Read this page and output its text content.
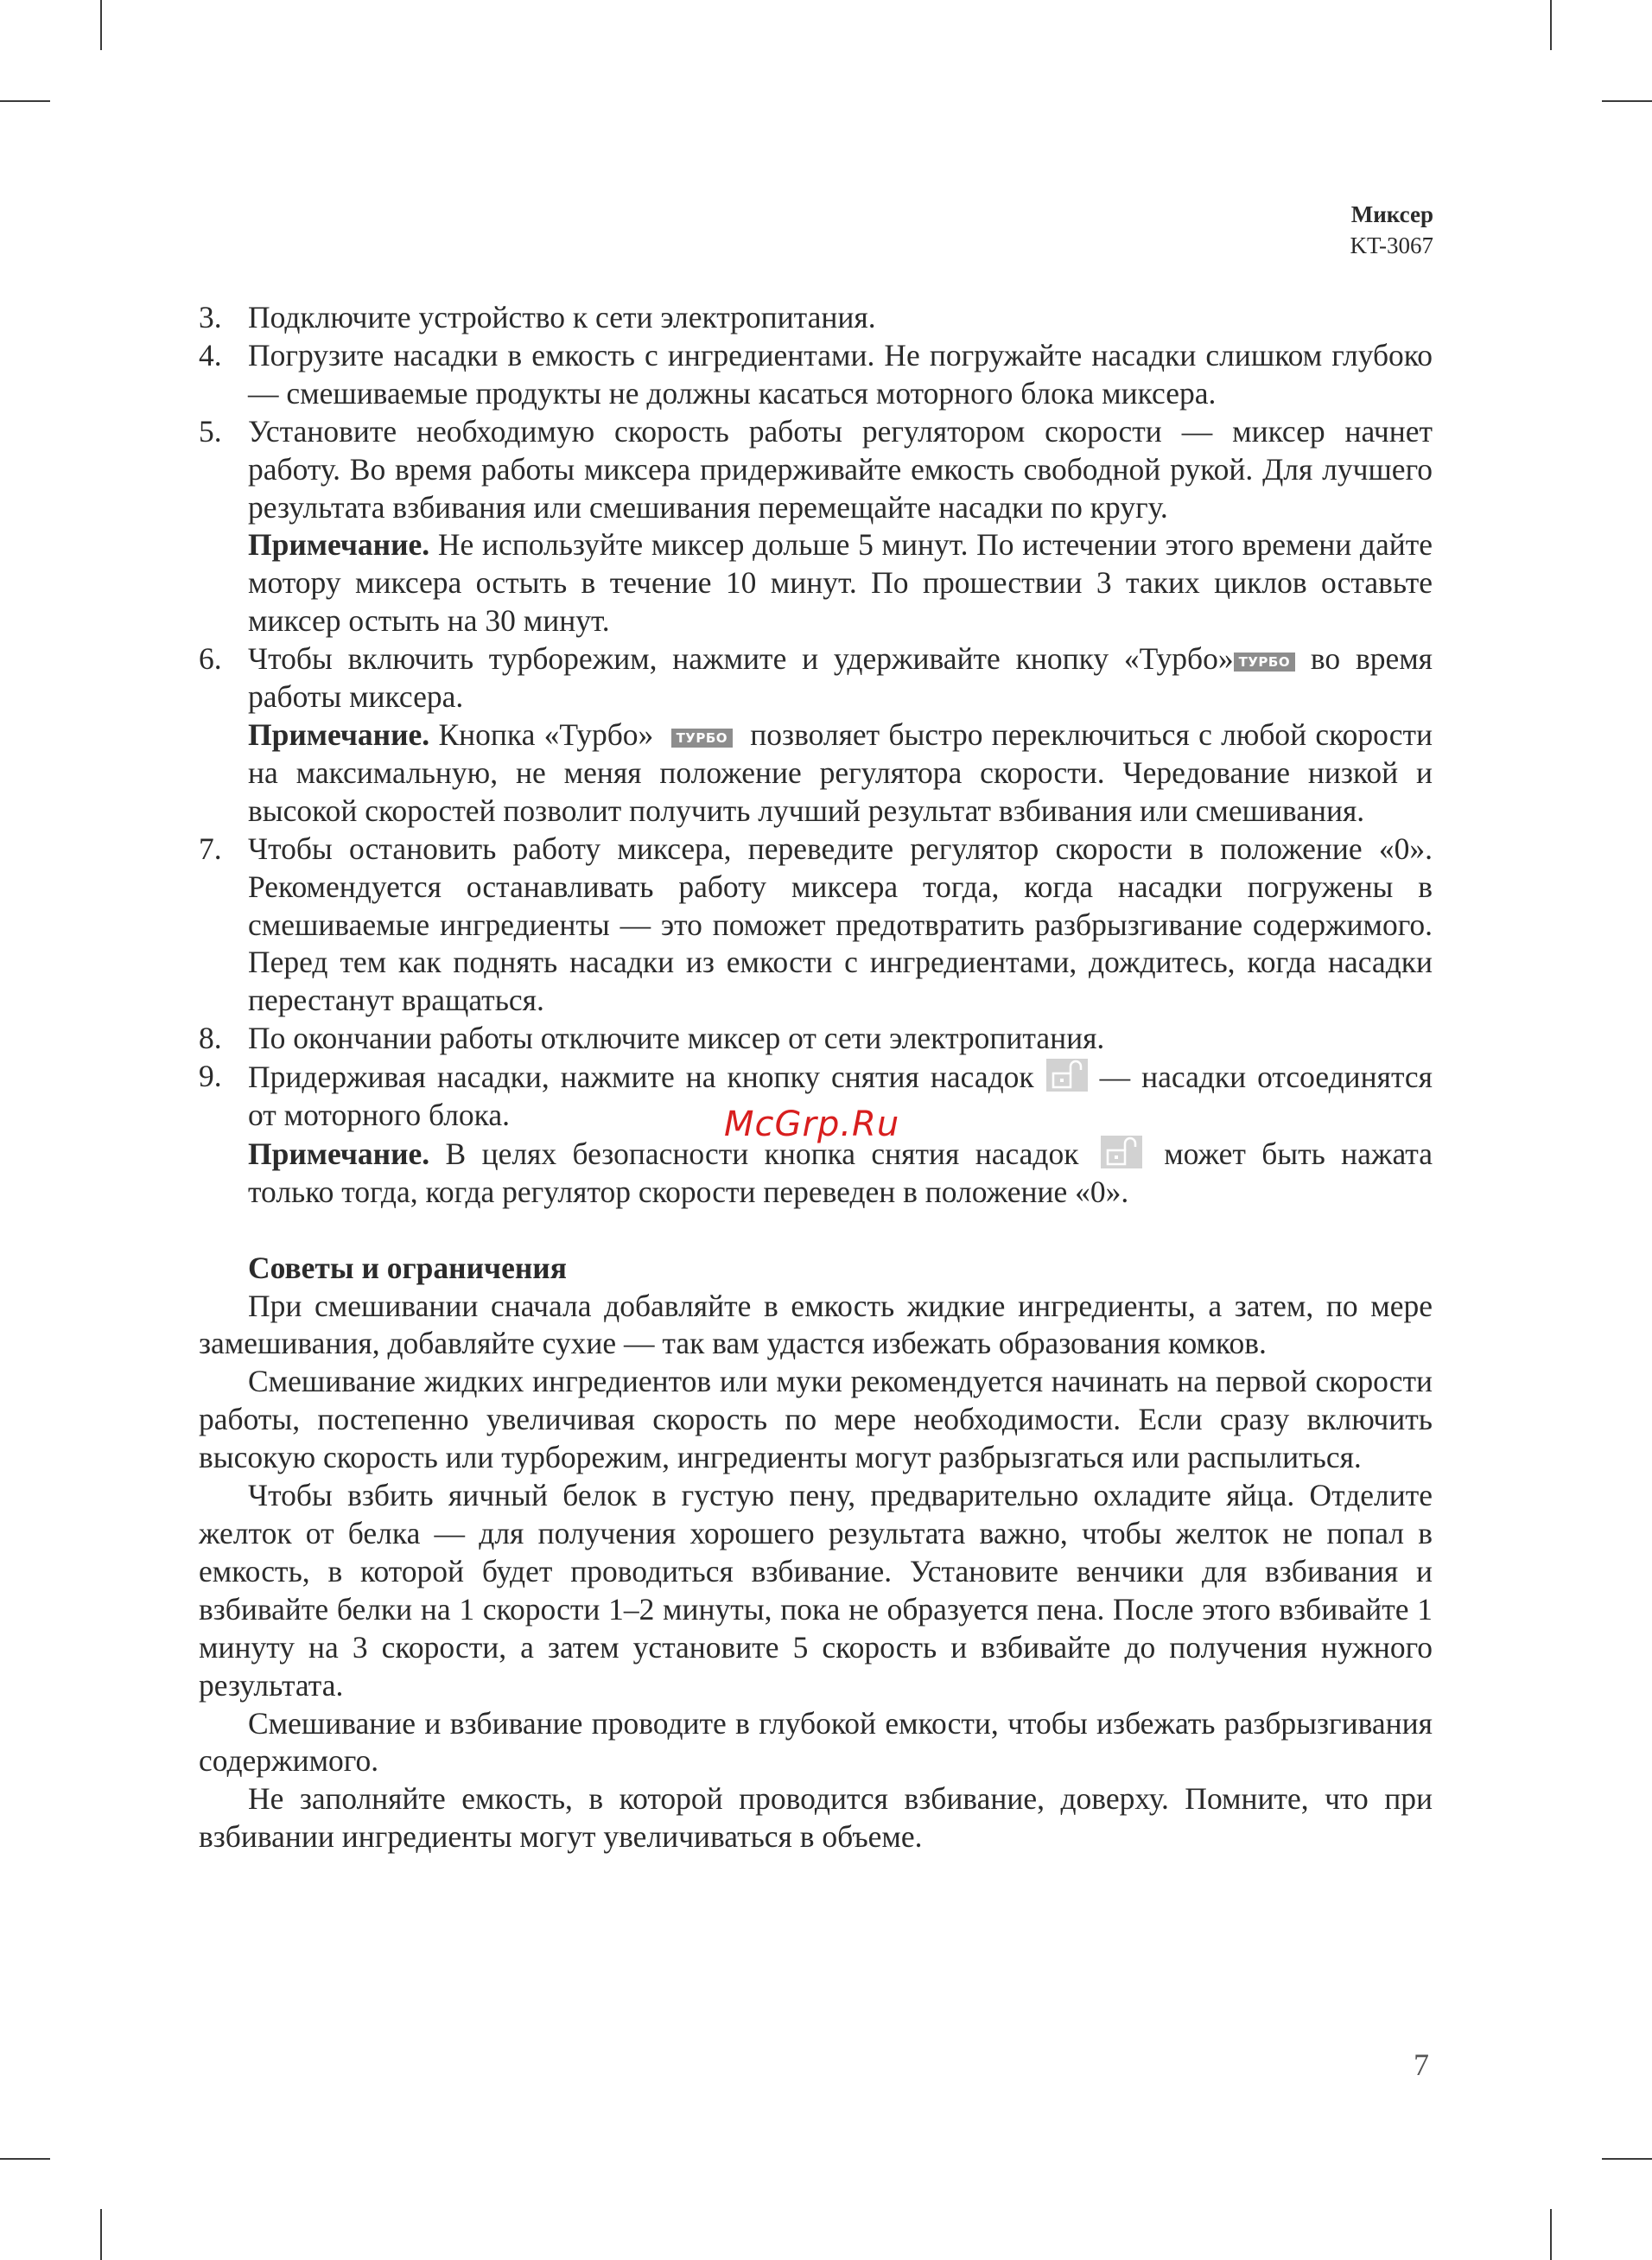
Миксер
KT-3067
3. Подключите устройство к сети электропитания.

4. Погрузите насадки в емкость с ингредиентами. Не погружайте насадки слишком глубоко — смешиваемые продукты не должны касаться моторного блока миксера.

5. Установите необходимую скорость работы регулятором скорости — миксер начнет работу. Во время работы миксера придерживайте емкость свободной рукой. Для лучшего результата взбивания или смешивания перемещайте насадки по кругу.

Примечание. Не используйте миксер дольше 5 минут. По истечении этого времени дайте мотору миксера остыть в течение 10 минут. По прошествии 3 таких циклов оставьте миксер остыть на 30 минут.

6. Чтобы включить турборежим, нажмите и удерживайте кнопку «Турбо» ТУРБО во время работы миксера.

Примечание. Кнопка «Турбо» ТУРБО позволяет быстро переключиться с любой скорости на максимальную, не меняя положение регулятора скорости. Чередование низкой и высокой скоростей позволит получить лучший результат взбивания или смешивания.

7. Чтобы остановить работу миксера, переведите регулятор скорости в положение «0». Рекомендуется останавливать работу миксера тогда, когда насадки погружены в смешиваемые ингредиенты — это поможет предотвратить разбрызгивание содержимого. Перед тем как поднять насадки из емкости с ингредиентами, дождитесь, когда насадки перестанут вращаться.

8. По окончании работы отключите миксер от сети электропитания.

9. Придерживая насадки, нажмите на кнопку снятия насадок — насадки отсоединятся от моторного блока.

Примечание. В целях безопасности кнопка снятия насадок	может быть нажата только тогда, когда регулятор скорости переведен в положение «0».

Советы и ограничения

При смешивании сначала добавляйте в емкость жидкие ингредиенты, а затем, по мере замешивания, добавляйте сухие — так вам удастся избежать образования комков.

Смешивание жидких ингредиентов или муки рекомендуется начинать на первой скорости работы, постепенно увеличивая скорость по мере необходимости. Если сразу включить высокую скорость или турборежим, ингредиенты могут разбрызгаться или распылиться.

Чтобы взбить яичный белок в густую пену, предварительно охладите яйца. Отделите желток от белка — для получения хорошего результата важно, чтобы желток не попал в емкость, в которой будет проводиться взбивание. Установите венчики для взбивания и взбивайте белки на 1 скорости 1–2 минуты, пока не образуется пена. После этого взбивайте 1 минуту на 3 скорости, а затем установите 5 скорость и взбивайте до получения нужного результата.

Смешивание и взбивание проводите в глубокой емкости, чтобы избежать разбрызгивания содержимого.

Не заполняйте емкость, в которой проводится взбивание, доверху. Помните, что при взбивании ингредиенты могут увеличиваться в объеме.

McGrp.Ru
7
